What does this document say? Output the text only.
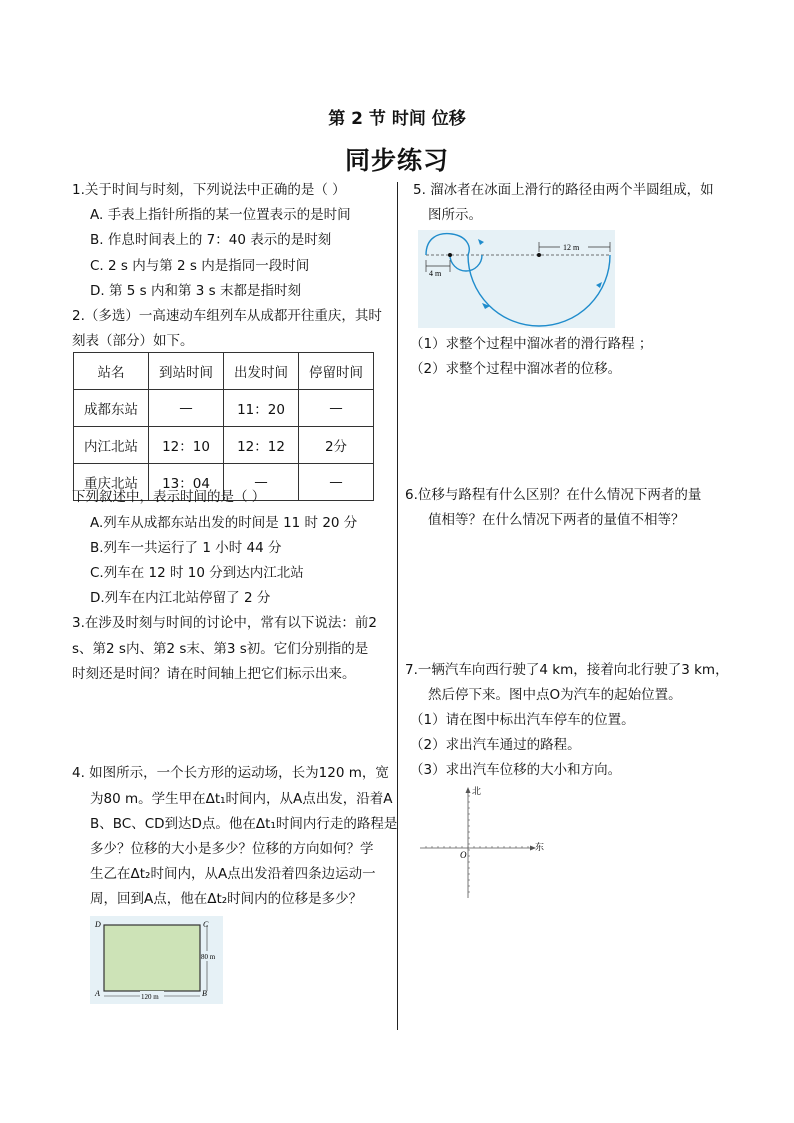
第 2 节 时间 位移
同步练习
1.关于时间与时刻，下列说法中正确的是（ ）
A. 手表上指针所指的某一位置表示的是时间
B. 作息时间表上的 7：40 表示的是时刻
C. 2 s 内与第 2 s 内是指同一段时间
D. 第 5 s 内和第 3 s 末都是指时刻
2.（多选）一高速动车组列车从成都开往重庆，其时
刻表（部分）如下。
站名	到站时间	出发时间	停留时间
成都东站	—	11：20	—
内江北站	12：10	12：12	2分
重庆北站	13：04	—	—
下列叙述中，表示时间的是（ ）
A.列车从成都东站出发的时间是 11 时 20 分
B.列车一共运行了 1 小时 44 分
C.列车在 12 时 10 分到达内江北站
D.列车在内江北站停留了 2 分
3.在涉及时刻与时间的讨论中，常有以下说法：前2
s、第2 s内、第2 s末、第3 s初。它们分别指的是
时刻还是时间？请在时间轴上把它们标示出来。
4. 如图所示，一个长方形的运动场，长为120 m，宽
为80 m。学生甲在Δt₁时间内，从A点出发，沿着A
B、BC、CD到达D点。他在Δt₁时间内行走的路程是
多少？位移的大小是多少？位移的方向如何？学
生乙在Δt₂时间内，从A点出发沿着四条边运动一
周，回到A点，他在Δt₂时间内的位移是多少？
D	C
A	B
80 m
120 m
5. 溜冰者在冰面上滑行的路径由两个半圆组成，如
图所示。
4 m
12 m
（1）求整个过程中溜冰者的滑行路程 ；
（2）求整个过程中溜冰者的位移。
6.位移与路程有什么区别？在什么情况下两者的量
值相等？在什么情况下两者的量值不相等？
7.一辆汽车向西行驶了4 km，接着向北行驶了3 km，
然后停下来。图中点O为汽车的起始位置。
（1）请在图中标出汽车停车的位置。
（2）求出汽车通过的路程。
（3）求出汽车位移的大小和方向。
北
东
O
